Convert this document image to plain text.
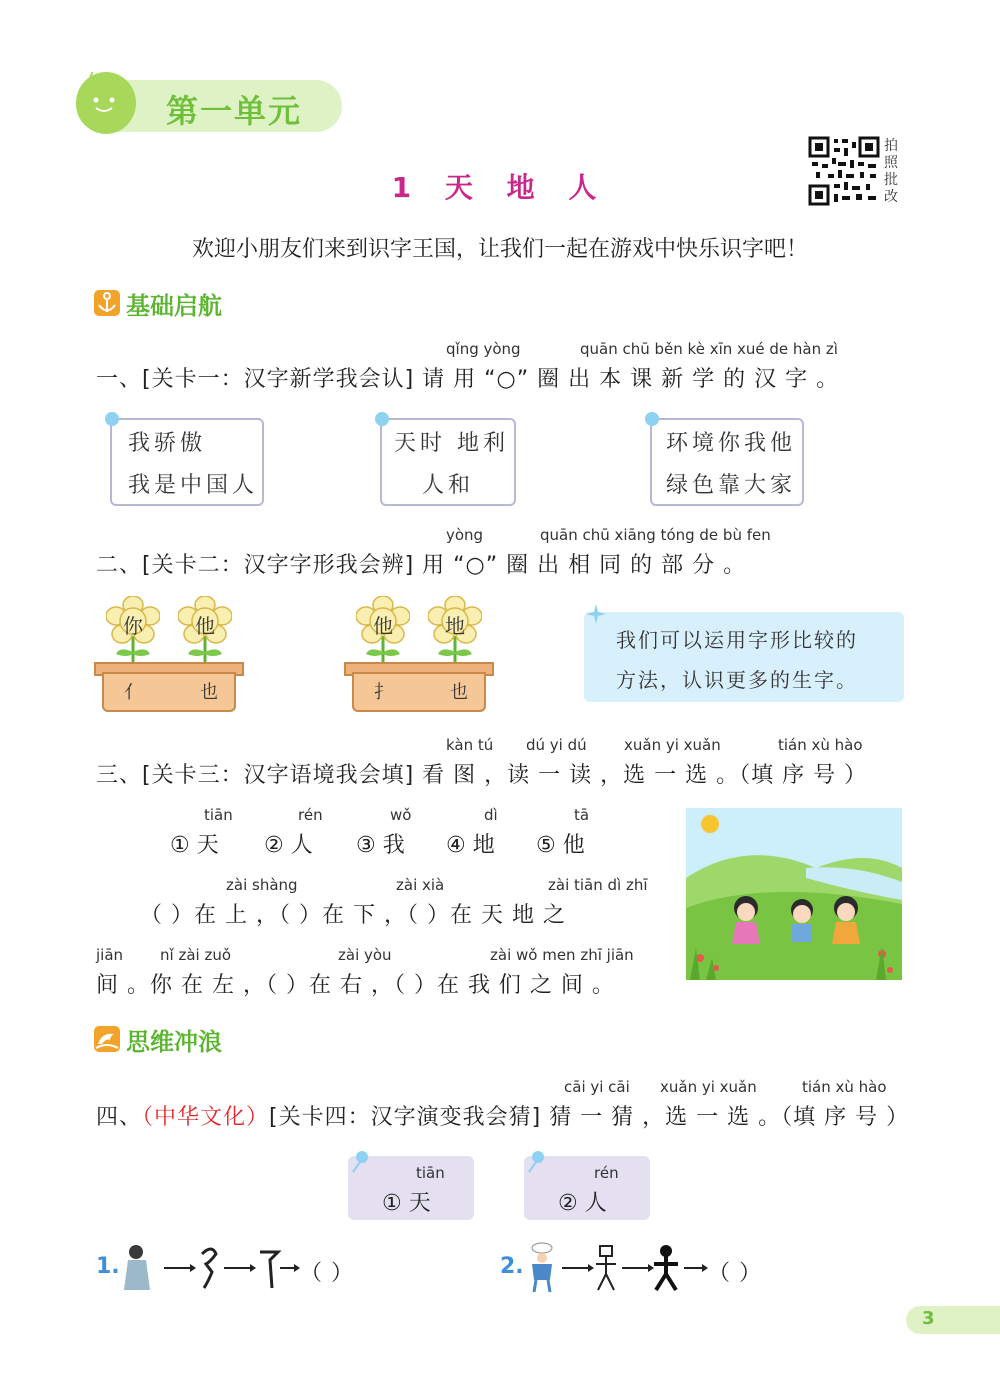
第一单元
1 天 地 人
拍
照
批
改
欢迎小朋友们来到识字王国，让我们一起在游戏中快乐识字吧！
基础启航
qǐng yòng	quān chū běn kè xīn xué de hàn zì
一、[关卡一：汉字新学我会认] 请 用 “○” 圈 出 本 课 新 学 的 汉 字 。
我骄傲
我是中国人
天时 地利
人和
环境你我他
绿色靠大家
yòng	quān chū xiāng tóng de bù fen
二、[关卡二：汉字字形我会辨] 用 “○” 圈 出 相 同 的 部 分 。
你	他
亻	也
他	地
扌	也
我们可以运用字形比较的
方法，认识更多的生字。
kàn tú dú yi dú xuǎn yi xuǎn	tián xù hào
三、[关卡三：汉字语境我会填] 看 图 ，读 一 读 ，选 一 选 。（填 序 号 ）
tiān
① 天
rén
② 人
wǒ
③ 我
dì
④ 地
tā
⑤ 他
zài shàng	zài xià	zài tiān dì zhī
（ ）在 上 ，（ ）在 下 ，（ ）在 天 地 之
jiān nǐ zài zuǒ	zài yòu	zài wǒ men zhī jiān
间 。你 在 左 ，（ ）在 右 ，（ ）在 我 们 之 间 。
思维冲浪
cāi yi cāi xuǎn yi xuǎn	tián xù hào
四、（中华文化）[关卡四：汉字演变我会猜] 猜 一 猜 ，选 一 选 。（填 序 号 ）
tiān
① 天
rén
② 人
1.	（ ）	2.	（ ）
3
